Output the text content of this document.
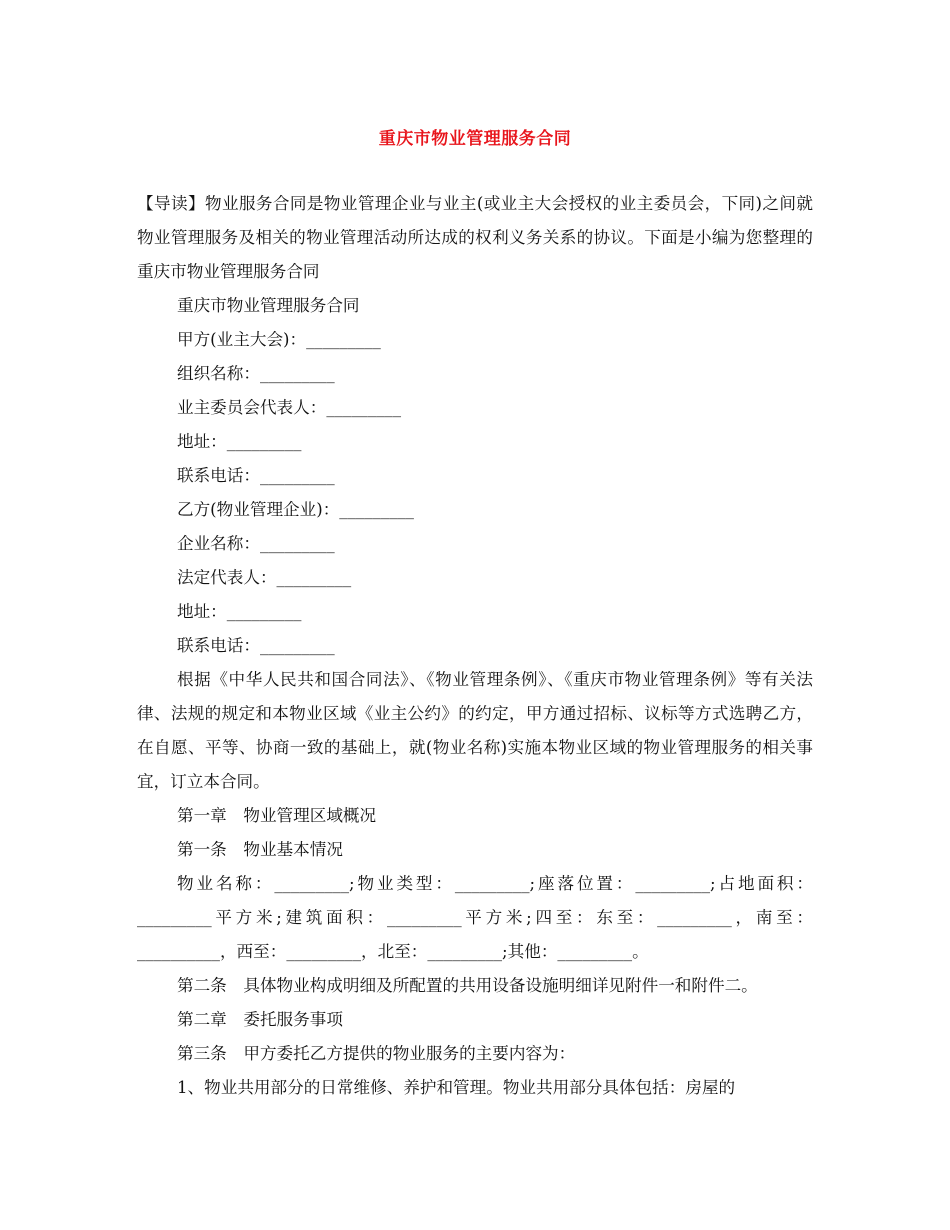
重庆市物业管理服务合同

【导读】物业服务合同是物业管理企业与业主(或业主大会授权的业主委员会，下同)之间就物业管理服务及相关的物业管理活动所达成的权利义务关系的协议。下面是小编为您整理的重庆市物业管理服务合同

重庆市物业管理服务合同
甲方(业主大会)：_________
组织名称：_________
业主委员会代表人：_________
地址：_________
联系电话：_________
乙方(物业管理企业)：_________
企业名称：_________
法定代表人：_________
地址：_________
联系电话：_________

根据《中华人民共和国合同法》、《物业管理条例》、《重庆市物业管理条例》等有关法律、法规的规定和本物业区域《业主公约》的约定，甲方通过招标、议标等方式选聘乙方，在自愿、平等、协商一致的基础上，就(物业名称)实施本物业区域的物业管理服务的相关事宜，订立本合同。

第一章　物业管理区域概况
第一条　物业基本情况

物业名称：_________;物业类型：_________;座落位置：_________;占地面积：_________平方米;建筑面积：_________平方米;四至：东至：_________，南至：__________，西至：_________，北至：_________;其他：_________。

第二条　具体物业构成明细及所配置的共用设备设施明细详见附件一和附件二。
第二章　委托服务事项
第三条　甲方委托乙方提供的物业服务的主要内容为：
1、物业共用部分的日常维修、养护和管理。物业共用部分具体包括：房屋的
